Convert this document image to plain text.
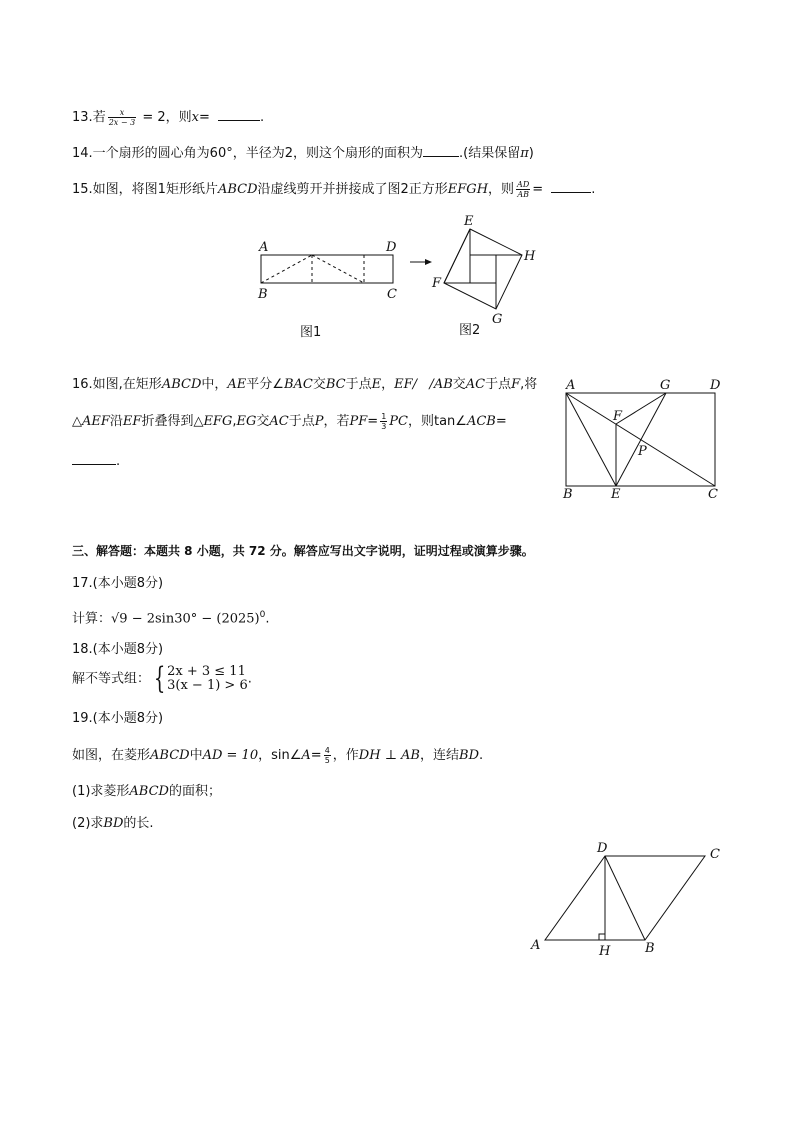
13.若 $\frac{x}{2x - 3} = 2$，则x=	.
14.一个扇形的圆心角为60°，半径为2，则这个扇形的面积为	.(结果保留π)
15.如图，将图1矩形纸片ABCD沿虚线剪开并拼接成了图2正方形EFGH，则 $\frac{AD}{AB}$ =	.
A	D
B	C
图1
E
H
F
G
图2
16.如图,在矩形ABCD中，AE平分∠BAC交BC于点E，EF/ /AB交AC于点F,将
△AEF沿EF折叠得到△EFG,EG交AC于点P，若$PF= \frac{1}{3}$ PC，则tan∠ACB=
.
A	G	D
F
P
B	E	C
三、解答题：本题共 8 小题，共 72 分。解答应写出文字说明，证明过程或演算步骤。
17.(本小题8分)
计算：$√9 - 2\sin 30^\circ - (2025)^0$.
18.(本小题8分)
解不等式组： { 2x + 3 ≤ 11
3(x − 1) > 6 .
19.(本小题8分)
如图，在菱形ABCD中AD = 10，sin∠A= $\frac{4}{5}$ ，作DH ⊥ AB，连结BD.
(1)求菱形ABCD的面积；
(2)求BD的长.
D	C
A	H	B
